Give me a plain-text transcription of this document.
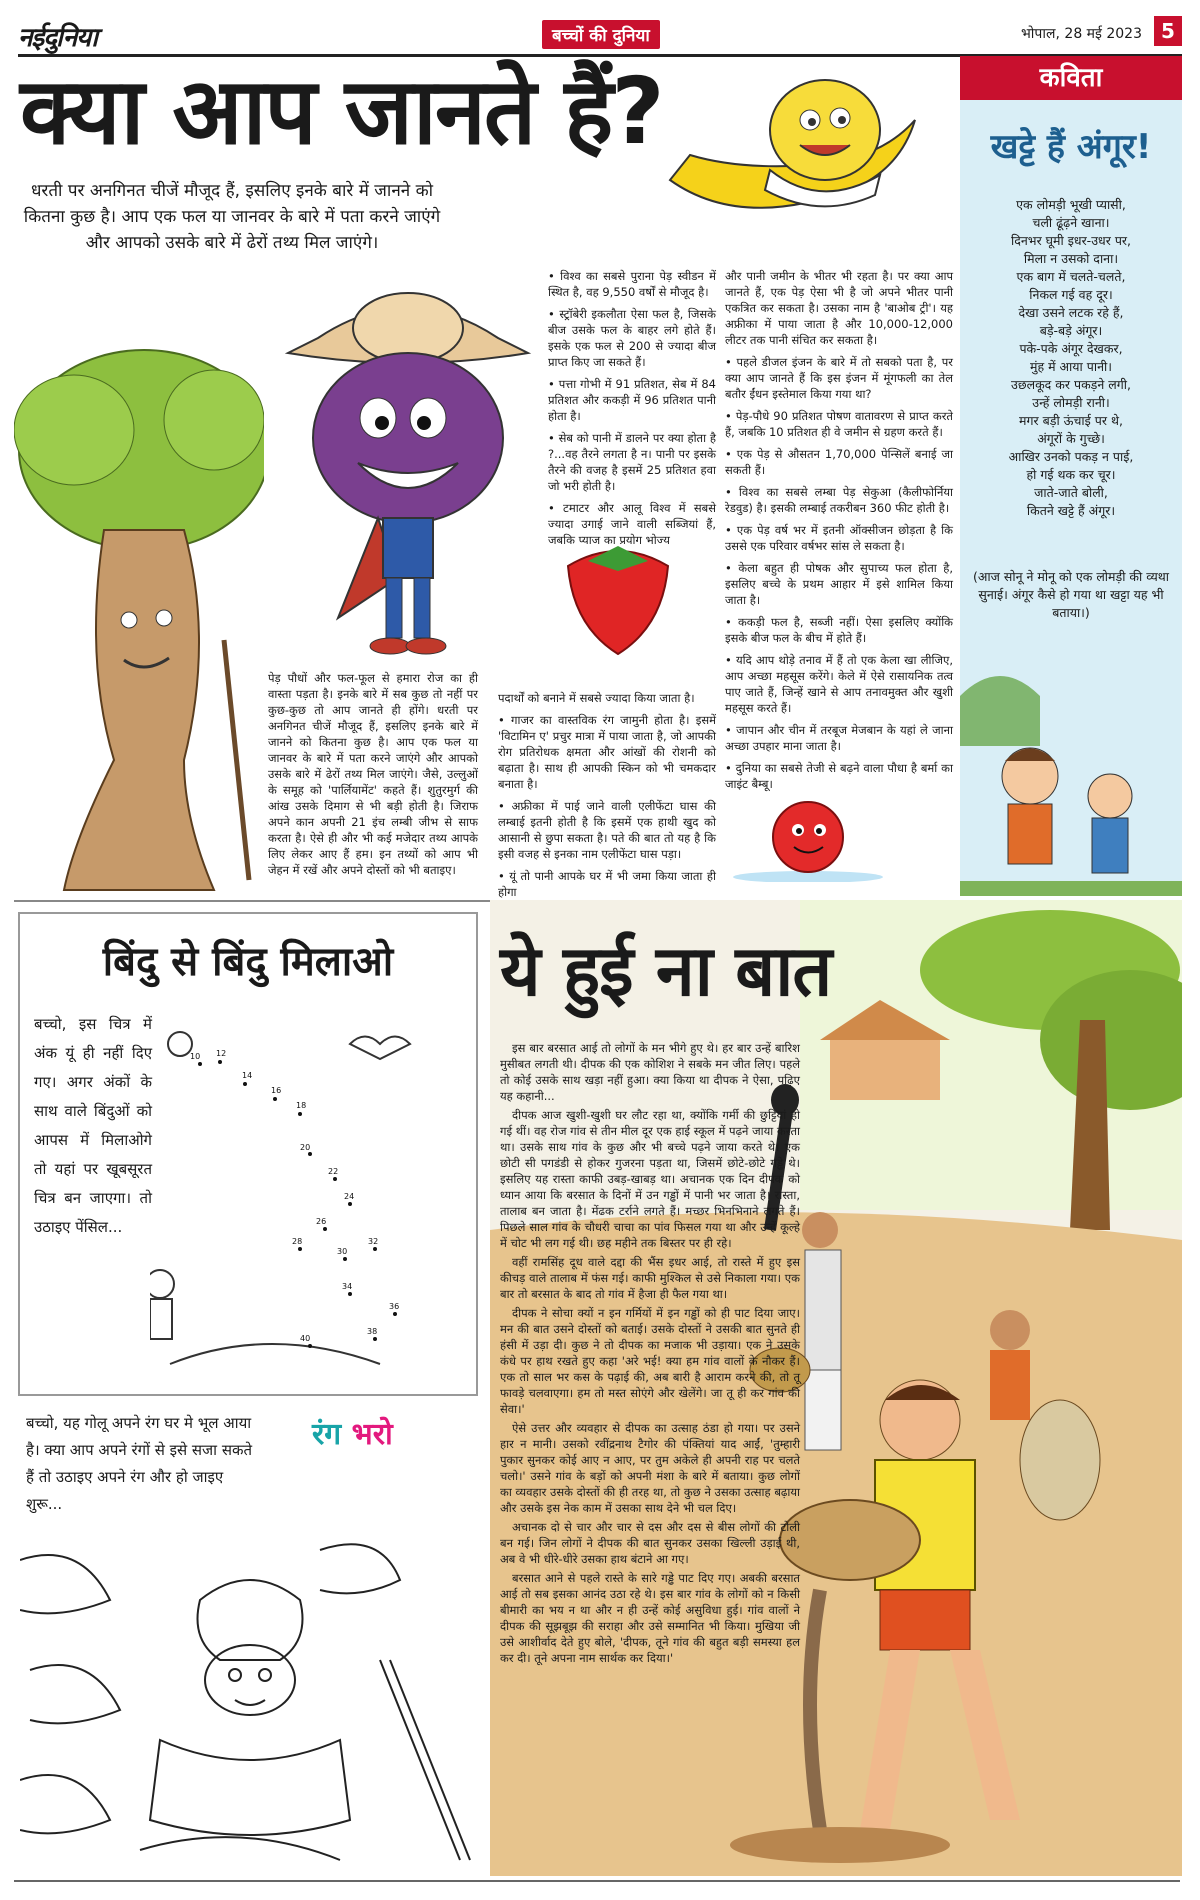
नईदुनिया	बच्चों की दुनिया	भोपाल, 28 मई 2023 5
क्या आप जानते हैं?
धरती पर अनगिनत चीजें मौजूद हैं, इसलिए इनके बारे में जानने को कितना कुछ है। आप एक फल या जानवर के बारे में पता करने जाएंगे और आपको उसके बारे में ढेरों तथ्य मिल जाएंगे।
पेड़ पौधों और फल-फूल से हमारा रोज का ही वास्ता पड़ता है। इनके बारे में सब कुछ तो नहीं पर कुछ-कुछ तो आप जानते ही होंगे। धरती पर अनगिनत चीजें मौजूद हैं, इसलिए इनके बारे में जानने को कितना कुछ है। आप एक फल या जानवर के बारे में पता करने जाएंगे और आपको उसके बारे में ढेरों तथ्य मिल जाएंगे। जैसे, उल्लुओं के समूह को 'पार्लियामेंट' कहते हैं। शुतुरमुर्ग की आंख उसके दिमाग से भी बड़ी होती है। जिराफ अपने कान अपनी 21 इंच लम्बी जीभ से साफ करता है। ऐसे ही और भी कई मजेदार तथ्य आपके लिए लेकर आए हैं हम। इन तथ्यों को आप भी जेहन में रखें और अपने दोस्तों को भी बताइए।

• विश्व का सबसे पुराना पेड़ स्वीडन में स्थित है, वह 9,550 वर्षों से मौजूद है।

• स्ट्रॉबेरी इकलौता ऐसा फल है, जिसके बीज उसके फल के बाहर लगे होते हैं। इसके एक फल से 200 से ज्यादा बीज प्राप्त किए जा सकते हैं।

• पत्ता गोभी में 91 प्रतिशत, सेब में 84 प्रतिशत और ककड़ी में 96 प्रतिशत पानी होता है।

• सेब को पानी में डालने पर क्या होता है ?...वह तैरने लगता है न। पानी पर इसके तैरने की वजह है इसमें 25 प्रतिशत हवा जो भरी होती है।

• टमाटर और आलू विश्व में सबसे ज्यादा उगाई जाने वाली सब्जियां हैं, जबकि प्याज का प्रयोग भोज्य

और पानी जमीन के भीतर भी रहता है। पर क्या आप जानते हैं, एक पेड़ ऐसा भी है जो अपने भीतर पानी एकत्रित कर सकता है। उसका नाम है 'बाओब ट्री'। यह अफ्रीका में पाया जाता है और 10,000-12,000 लीटर तक पानी संचित कर सकता है।

• पहले डीजल इंजन के बारे में तो सबको पता है, पर क्या आप जानते हैं कि इस इंजन में मूंगफली का तेल बतौर ईंधन इस्तेमाल किया गया था?

• पेड़-पौधे 90 प्रतिशत पोषण वातावरण से प्राप्त करते हैं, जबकि 10 प्रतिशत ही वे जमीन से ग्रहण करते हैं।

• एक पेड़ से औसतन 1,70,000 पेन्सिलें बनाई जा सकती हैं।

• विश्व का सबसे लम्बा पेड़ सेकुआ (कैलीफोर्निया रेडवुड) है। इसकी लम्बाई तकरीबन 360 फीट होती है।

• एक पेड़ वर्ष भर में इतनी ऑक्सीजन छोड़ता है कि उससे एक परिवार वर्षभर सांस ले सकता है।

• केला बहुत ही पोषक और सुपाच्य फल होता है, इसलिए बच्चे के प्रथम आहार में इसे शामिल किया जाता है।

• ककड़ी फल है, सब्जी नहीं। ऐसा इसलिए क्योंकि इसके बीज फल के बीच में होते हैं।

• यदि आप थोड़े तनाव में हैं तो एक केला खा लीजिए, आप अच्छा महसूस करेंगे। केले में ऐसे रासायनिक तत्व पाए जाते हैं, जिन्हें खाने से आप तनावमुक्त और खुशी महसूस करते हैं।

• जापान और चीन में तरबूज मेजबान के यहां ले जाना अच्छा उपहार माना जाता है।

• दुनिया का सबसे तेजी से बढ़ने वाला पौधा है बर्मा का जाइंट बैम्बू।

पदार्थों को बनाने में सबसे ज्यादा किया जाता है।

• गाजर का वास्तविक रंग जामुनी होता है। इसमें 'विटामिन ए' प्रचुर मात्रा में पाया जाता है, जो आपकी रोग प्रतिरोधक क्षमता और आंखों की रोशनी को बढ़ाता है। साथ ही आपकी स्किन को भी चमकदार बनाता है।

• अफ्रीका में पाई जाने वाली एलीफेंटा घास की लम्बाई इतनी होती है कि इसमें एक हाथी खुद को आसानी से छुपा सकता है। पते की बात तो यह है कि इसी वजह से इनका नाम एलीफेंटा घास पड़ा।

• यूं तो पानी आपके घर में भी जमा किया जाता ही होगा

कविता
खट्टे हैं अंगूर!
एक लोमड़ी भूखी प्यासी,
चली ढूंढ़ने खाना।
दिनभर घूमी इधर-उधर पर,
मिला न उसको दाना।
एक बाग में चलते-चलते,
निकल गई वह दूर।
देखा उसने लटक रहे हैं,
बड़े-बड़े अंगूर।
पके-पके अंगूर देखकर,
मुंह में आया पानी।
उछलकूद कर पकड़ने लगी,
उन्हें लोमड़ी रानी।
मगर बड़ी ऊंचाई पर थे,
अंगूरों के गुच्छे।
आखिर उनको पकड़ न पाई,
हो गई थक कर चूर।
जाते-जाते बोली,
कितने खट्टे हैं अंगूर।
(आज सोनू ने मोनू को एक लोमड़ी की व्यथा सुनाई। अंगूर कैसे हो गया था खट्टा यह भी बताया।)
बिंदु से बिंदु मिलाओ
बच्चो, इस चित्र में अंक यूं ही नहीं दिए गए। अगर अंकों के साथ वाले बिंदुओं को आपस में मिलाओगे तो यहां पर खूबसूरत चित्र बन जाएगा। तो उठाइए पेंसिल...
10 12
14
16
18
20
22
24
26
28
30
32
34
36
38
40
बच्चो, यह गोलू अपने रंग घर मे भूल आया है। क्या आप अपने रंगों से इसे सजा सकते हैं तो उठाइए अपने रंग और हो जाइए शुरू...
रंग भरो
ये हुई ना बात

इस बार बरसात आई तो लोगों के मन भीगे हुए थे। हर बार उन्हें बारिश मुसीबत लगती थी। दीपक की एक कोशिश ने सबके मन जीत लिए। पहले तो कोई उसके साथ खड़ा नहीं हुआ। क्या किया था दीपक ने ऐसा, पढ़िए यह कहानी...

दीपक आज खुशी-खुशी घर लौट रहा था, क्योंकि गर्मी की छुट्टियां हो गई थीं। वह रोज गांव से तीन मील दूर एक हाई स्कूल में पढ़ने जाया करता था। उसके साथ गांव के कुछ और भी बच्चे पढ़ने जाया करते थे। एक छोटी सी पगडंडी से होकर गुजरना पड़ता था, जिसमें छोटे-छोटे गड्ढे थे। इसलिए यह रास्ता काफी उबड़-खाबड़ था। अचानक एक दिन दीपक को ध्यान आया कि बरसात के दिनों में उन गड्ढों में पानी भर जाता है। रास्ता, तालाब बन जाता है। मेंढक टर्राने लगते हैं। मच्छर भिनभिनाने लगते हैं। पिछले साल गांव के चौधरी चाचा का पांव फिसल गया था और उन्हें कूल्हे में चोट भी लग गई थी। छह महीने तक बिस्तर पर ही रहे।

वहीं रामसिंह दूध वाले दद्दा की भैंस इधर आई, तो रास्ते में हुए इस कीचड़ वाले तालाब में फंस गई। काफी मुश्किल से उसे निकाला गया। एक बार तो बरसात के बाद तो गांव में हैजा ही फैल गया था।

दीपक ने सोचा क्यों न इन गर्मियों में इन गड्ढों को ही पाट दिया जाए। मन की बात उसने दोस्तों को बताई। उसके दोस्तों ने उसकी बात सुनते ही हंसी में उड़ा दी। कुछ ने तो दीपक का मजाक भी उड़ाया। एक ने उसके कंधे पर हाथ रखते हुए कहा 'अरे भई! क्या हम गांव वालों के नौकर हैं। एक तो साल भर कस के पढ़ाई की, अब बारी है आराम करने की, तो तू फावड़े चलवाएगा। हम तो मस्त सोएंगे और खेलेंगे। जा तू ही कर गांव की सेवा।'

ऐसे उत्तर और व्यवहार से दीपक का उत्साह ठंडा हो गया। पर उसने हार न मानी। उसको रवींद्रनाथ टैगोर की पंक्तियां याद आईं, 'तुम्हारी पुकार सुनकर कोई आए न आए, पर तुम अकेले ही अपनी राह पर चलते चलो।' उसने गांव के बड़ों को अपनी मंशा के बारे में बताया। कुछ लोगों का व्यवहार उसके दोस्तों की ही तरह था, तो कुछ ने उसका उत्साह बढ़ाया और उसके इस नेक काम में उसका साथ देने भी चल दिए।

अचानक दो से चार और चार से दस और दस से बीस लोगों की टोली बन गई। जिन लोगों ने दीपक की बात सुनकर उसका खिल्ली उड़ाई थी, अब वे भी धीरे-धीरे उसका हाथ बंटाने आ गए।

बरसात आने से पहले रास्ते के सारे गड्ढे पाट दिए गए। अबकी बरसात आई तो सब इसका आनंद उठा रहे थे। इस बार गांव के लोगों को न किसी बीमारी का भय न था और न ही उन्हें कोई असुविधा हुई। गांव वालों ने दीपक की सूझबूझ की सराहा और उसे सम्मानित भी किया। मुखिया जी उसे आशीर्वाद देते हुए बोले, 'दीपक, तूने गांव की बहुत बड़ी समस्या हल कर दी। तूने अपना नाम सार्थक कर दिया।'
